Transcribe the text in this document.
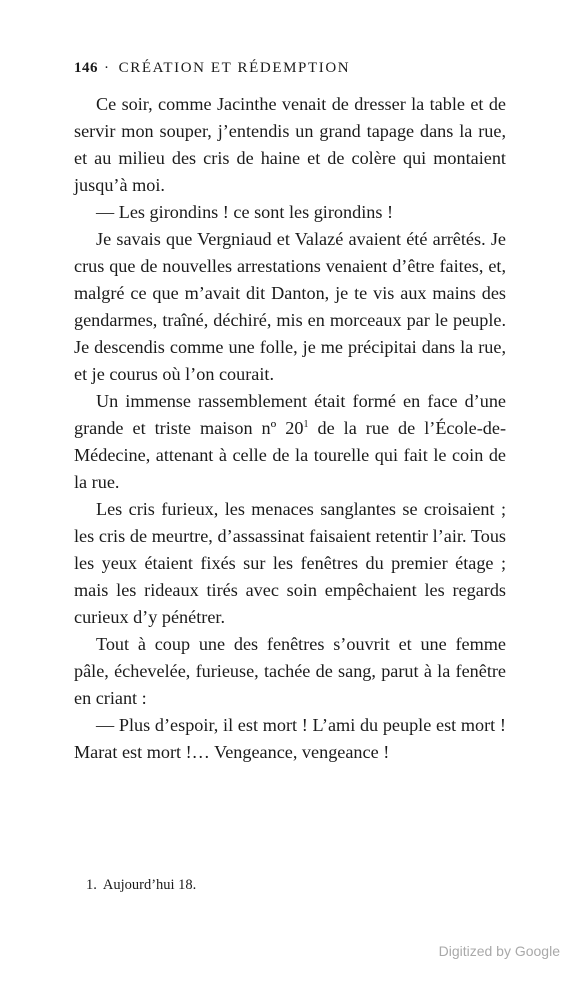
146 · CRÉATION ET RÉDEMPTION

Ce soir, comme Jacinthe venait de dresser la table et de servir mon souper, j’entendis un grand tapage dans la rue, et au milieu des cris de haine et de colère qui montaient jusqu’à moi.

— Les girondins ! ce sont les girondins !

Je savais que Vergniaud et Valazé avaient été arrêtés. Je crus que de nouvelles arrestations venaient d’être faites, et, malgré ce que m’avait dit Danton, je te vis aux mains des gendarmes, traîné, déchiré, mis en morceaux par le peuple. Je descendis comme une folle, je me précipitai dans la rue, et je courus où l’on courait.

Un immense rassemblement était formé en face d’une grande et triste maison nº 20$^1$ de la rue de l’École-de-Médecine, attenant à celle de la tourelle qui fait le coin de la rue.

Les cris furieux, les menaces sanglantes se croisaient ; les cris de meurtre, d’assassinat faisaient retentir l’air. Tous les yeux étaient fixés sur les fenêtres du premier étage ; mais les rideaux tirés avec soin empêchaient les regards curieux d’y pénétrer.

Tout à coup une des fenêtres s’ouvrit et une femme pâle, échevelée, furieuse, tachée de sang, parut à la fenêtre en criant :

— Plus d’espoir, il est mort ! L’ami du peuple est mort ! Marat est mort !… Vengeance, vengeance !

1. Aujourd’hui 18.
Digitized by Google
